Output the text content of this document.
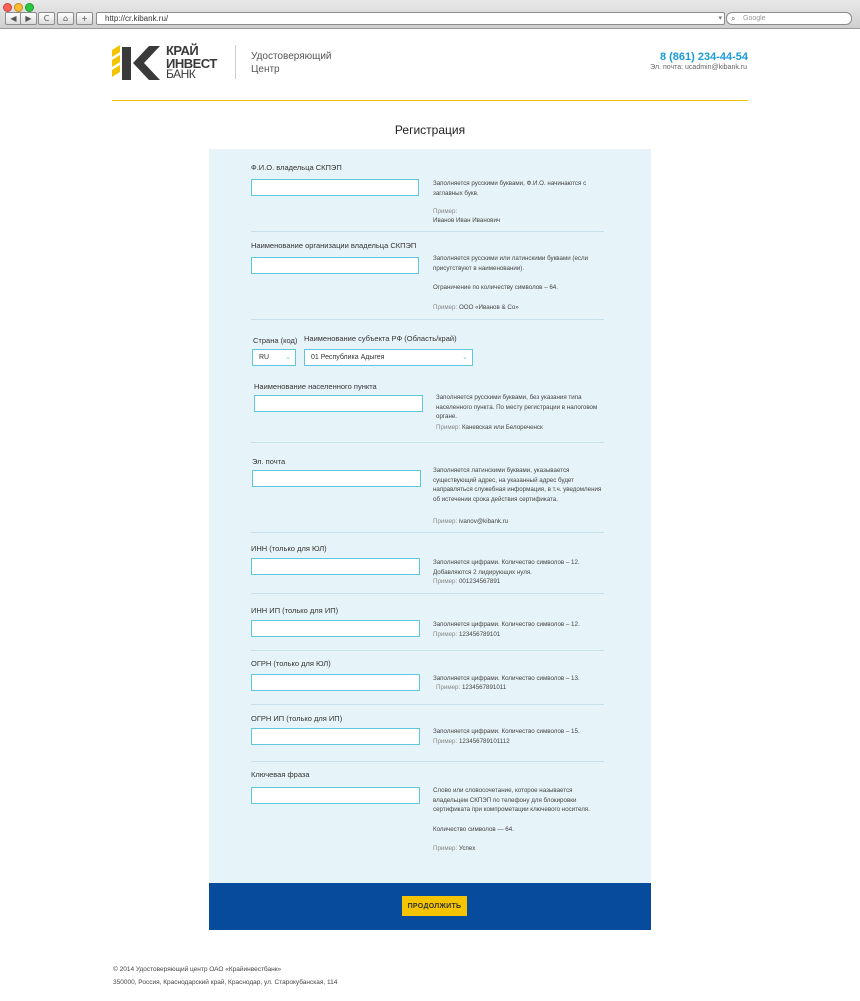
◀	▶	C	⌂	+	http://cr.kibank.ru/	▾ ⌕ Google
КРАЙ
ИНВЕСТ
БАНК
Удостоверяющий
Центр
8 (861) 234-44-54
Эл. почта: ucadmin@kibank.ru
Регистрация
Ф.И.О. владельца СКПЭП
Заполняется русскими буквами, Ф.И.О. начинаются с заглавных букв.
Пример:
Иванов Иван Иванович
Наименование организации владельца СКПЭП
Заполняется русскими или латинскими буквами (если присутствуют в наименовании).
Ограничение по количеству символов – 64.
Пример: ООО «Иванов & Co»
Страна (код) Наименование субъекта РФ (Область/край)
RU ⌄	01 Республика Адыгея	⌄
Наименование населенного пункта
Заполняется русскими буквами, без указания типа населенного пункта. По месту регистрации в налоговом органе.
Пример: Каневская или Белореченск
Эл. почта
Заполняется латинскими буквами, указывается существующий адрес, на указанный адрес будет направляться служебная информация, в т.ч. уведомления об истечении срока действия сертификата.
Пример: ivanov@kibank.ru
ИНН (только для ЮЛ)
Заполняется цифрами. Количество символов – 12. Добавляются 2 лидирующих нуля.
Пример: 001234567891
ИНН ИП (только для ИП)
Заполняется цифрами. Количество символов – 12.
Пример: 123456789101
ОГРН (только для ЮЛ)
Заполняется цифрами. Количество символов – 13.
Пример: 1234567891011
ОГРН ИП (только для ИП)
Заполняется цифрами. Количество символов – 15.
Пример: 123456789101112
Ключевая фраза
Слово или словосочетание, которое называется владельцем СКПЭП по телефону для блокировки сертификата при компрометации ключевого носителя.
Количество символов — 64.
Пример: Успех
ПРОДОЛЖИТЬ
© 2014 Удостоверяющий центр ОАО «Крайинвестбанк»
350000, Россия, Краснодарский край, Краснодар, ул. Старокубанская, 114
